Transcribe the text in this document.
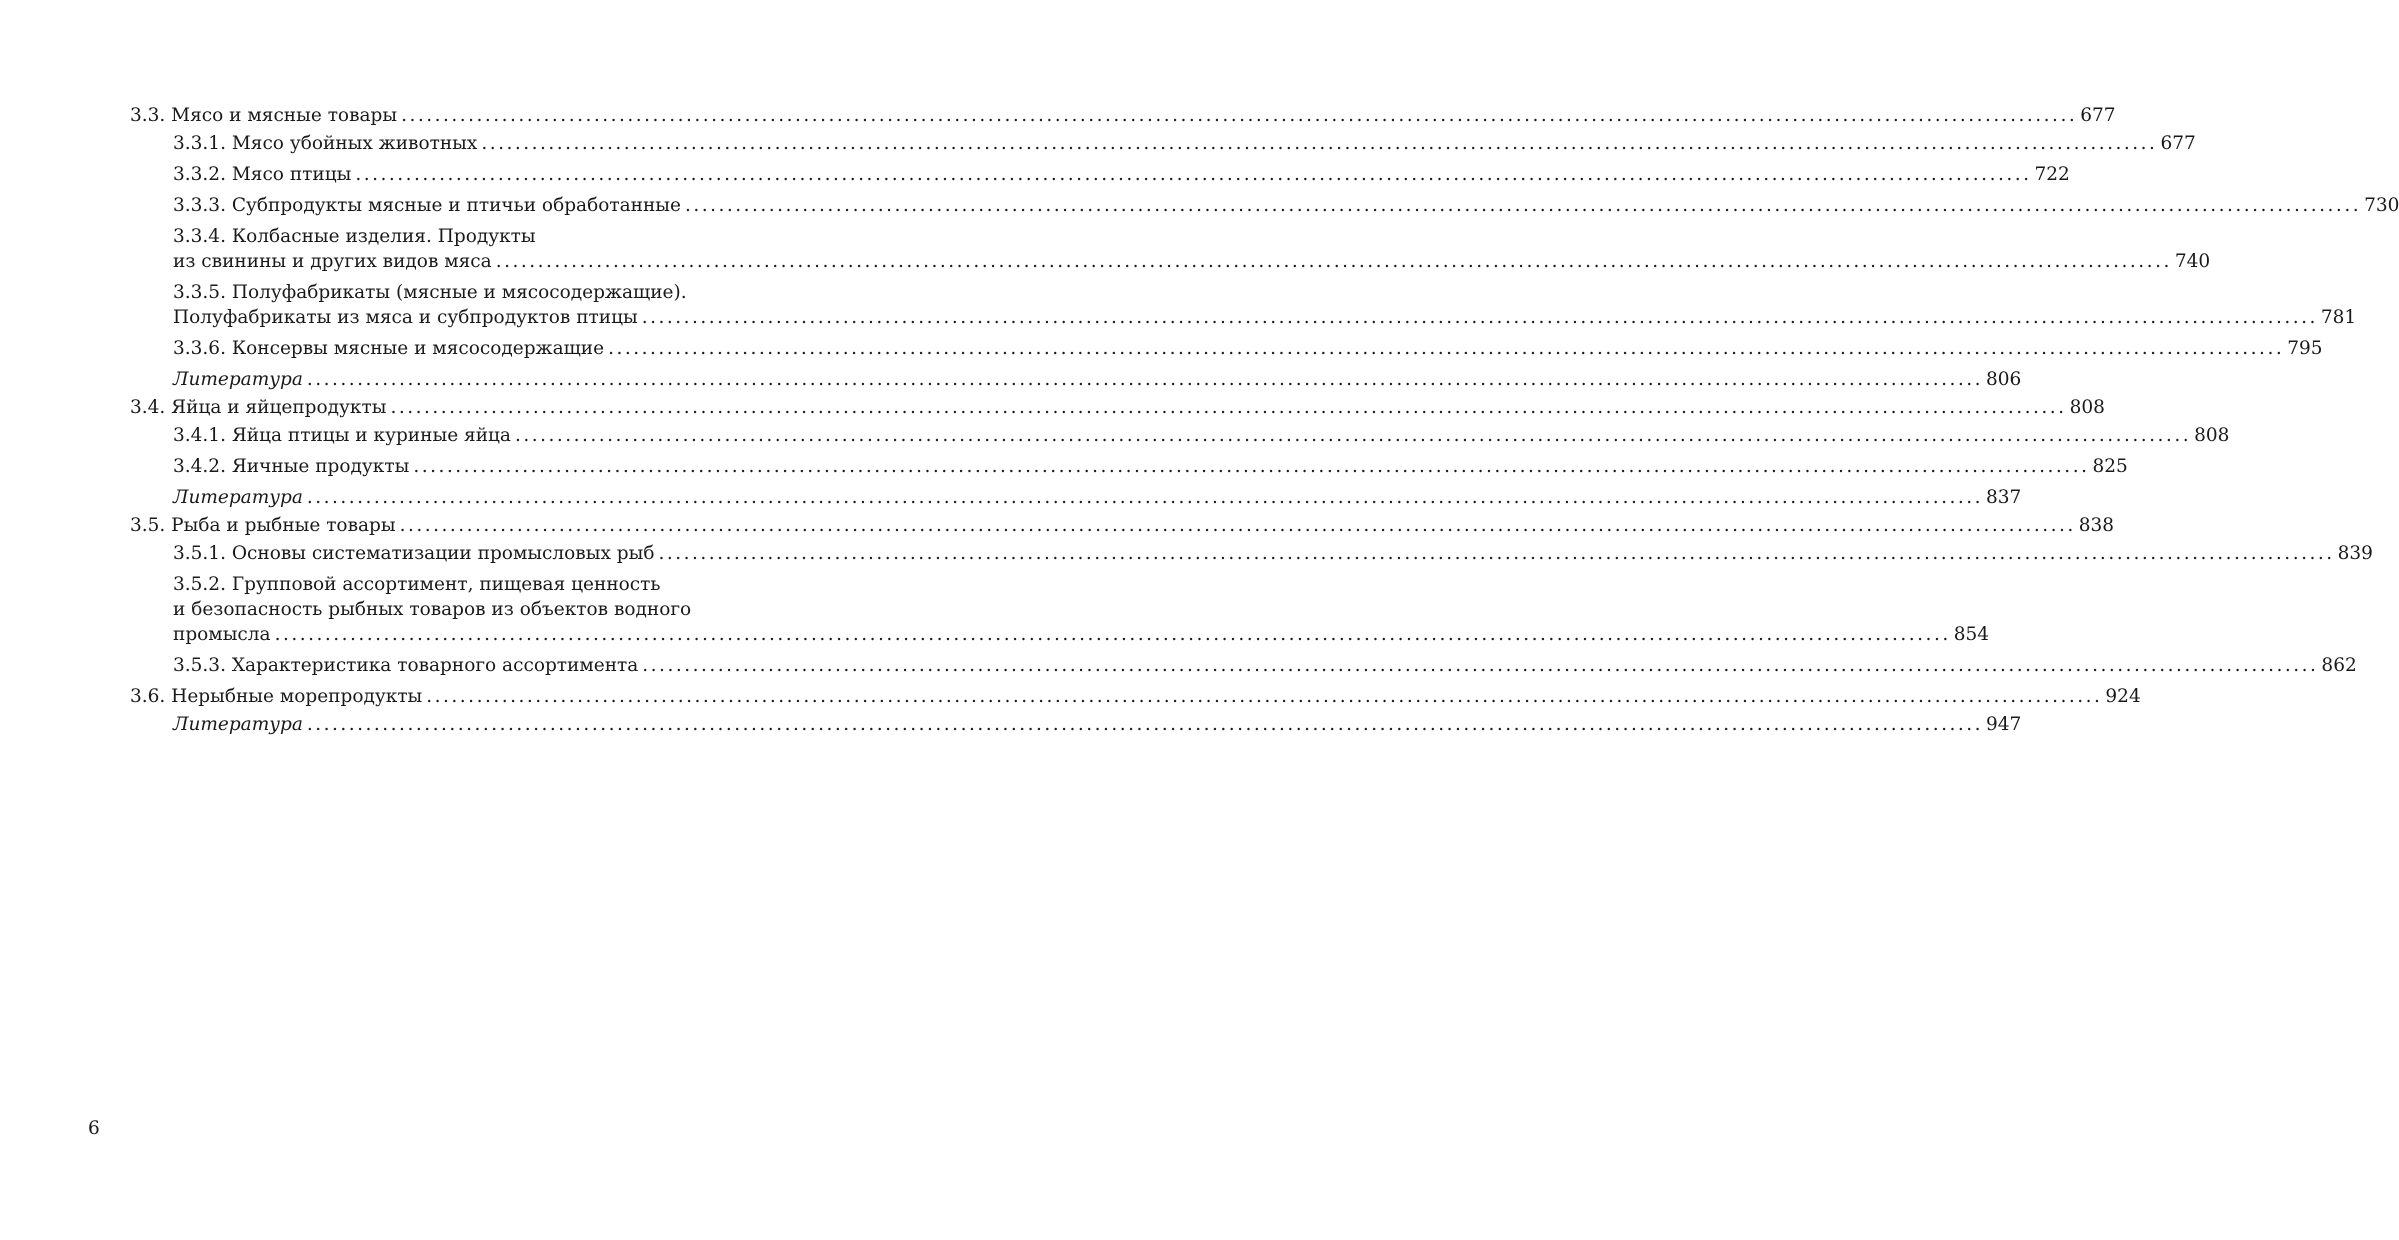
3.3. Мясо и мясные товары ........................................................................................................................................................................................................ 677
3.3.1. Мясо убойных животных ........................................................................................................................................................................................................ 677
3.3.2. Мясо птицы ........................................................................................................................................................................................................ 722
3.3.3. Субпродукты мясные и птичьи обработанные ........................................................................................................................................................................................................ 730
3.3.4. Колбасные изделия. Продукты
из свинины и других видов мяса ........................................................................................................................................................................................................ 740
3.3.5. Полуфабрикаты (мясные и мясосодержащие).
Полуфабрикаты из мяса и субпродуктов птицы ........................................................................................................................................................................................................ 781
3.3.6. Консервы мясные и мясосодержащие ........................................................................................................................................................................................................ 795
Литература ........................................................................................................................................................................................................ 806
3.4. Яйца и яйцепродукты ........................................................................................................................................................................................................ 808
3.4.1. Яйца птицы и куриные яйца ........................................................................................................................................................................................................ 808
3.4.2. Яичные продукты ........................................................................................................................................................................................................ 825
Литература ........................................................................................................................................................................................................ 837
3.5. Рыба и рыбные товары ........................................................................................................................................................................................................ 838
3.5.1. Основы систематизации промысловых рыб ........................................................................................................................................................................................................ 839
3.5.2. Групповой ассортимент, пищевая ценность
и безопасность рыбных товаров из объектов водного
промысла ........................................................................................................................................................................................................ 854
3.5.3. Характеристика товарного ассортимента ........................................................................................................................................................................................................ 862
3.6. Нерыбные морепродукты ........................................................................................................................................................................................................ 924
Литература ........................................................................................................................................................................................................ 947
6
